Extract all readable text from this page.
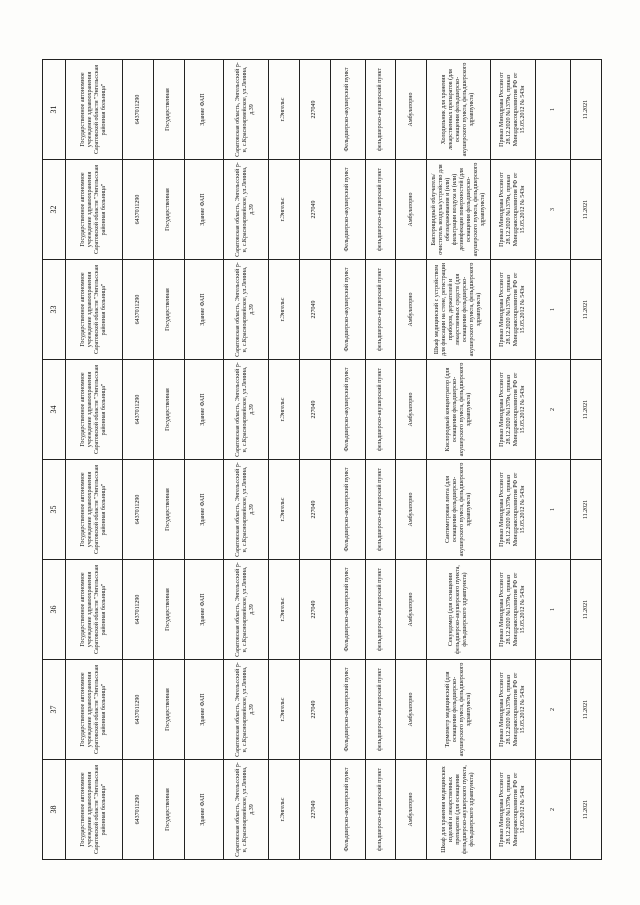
38	37	36	35	34	33	32	31
Государственное автономное учреждение здравоохранения Саратовской области "Энгельсская районная больница"	Государственное автономное учреждение здравоохранения Саратовской области "Энгельсская районная больница"	Государственное автономное учреждение здравоохранения Саратовской области "Энгельсская районная больница"	Государственное автономное учреждение здравоохранения Саратовской области "Энгельсская районная больница"	Государственное автономное учреждение здравоохранения Саратовской области "Энгельсская районная больница"	Государственное автономное учреждение здравоохранения Саратовской области "Энгельсская районная больница"	Государственное автономное учреждение здравоохранения Саратовской области "Энгельсская районная больница"	Государственное автономное учреждение здравоохранения Саратовской области "Энгельсская районная больница"
6437011290	6437011290	6437011290	6437011290	6437011290	6437011290	6437011290	6437011290
Государственная	Государственная	Государственная	Государственная	Государственная	Государственная	Государственная	Государственная
Здание ФАП	Здание ФАП	Здание ФАП	Здание ФАП	Здание ФАП	Здание ФАП	Здание ФАП	Здание ФАП
Саратовская область, Энгельсский р-н, с.Красноармейское, ул.Ленина, д.39	Саратовская область, Энгельсский р-н, с.Красноармейское, ул.Ленина, д.39	Саратовская область, Энгельсский р-н, с.Красноармейское, ул.Ленина, д.39	Саратовская область, Энгельсский р-н, с.Красноармейское, ул.Ленина, д.39	Саратовская область, Энгельсский р-н, с.Красноармейское, ул.Ленина, д.39	Саратовская область, Энгельсский р-н, с.Красноармейское, ул.Ленина, д.39	Саратовская область, Энгельсский р-н, с.Красноармейское, ул.Ленина, д.39	Саратовская область, Энгельсский р-н, с.Красноармейское, ул.Ленина, д.39
г.Энгельс	г.Энгельс	г.Энгельс	г.Энгельс	г.Энгельс	г.Энгельс	г.Энгельс	г.Энгельс
227049	227049	227049	227049	227049	227049	227049	227049
Фельдшерско-акушерский пункт	Фельдшерско-акушерский пункт	Фельдшерско-акушерский пункт	Фельдшерско-акушерский пункт	Фельдшерско-акушерский пункт	Фельдшерско-акушерский пункт	Фельдшерско-акушерский пункт	Фельдшерско-акушерский пункт
фельдшерско-акушерский пункт	фельдшерско-акушерский пункт	фельдшерско-акушерский пункт	фельдшерско-акушерский пункт	фельдшерско-акушерский пункт	фельдшерско-акушерский пункт	фельдшерско-акушерский пункт	фельдшерско-акушерский пункт
Амбулаторно	Амбулаторно	Амбулаторно	Амбулаторно	Амбулаторно	Амбулаторно	Амбулаторно	Амбулаторно
Шкаф для хранения медицинских изделий и лекарственных препаратов (для оснащения фельдшерско-акушерского пункта, фельдшерского здравпункта)	Термометр медицинский (для оснащения фельдшерско-акушерского пункта, фельдшерского здравпункта)	Секундомер (для оснащения фельдшерско-акушерского пункта, фельдшерского здравпункта)	Сантиметровая лента (для оснащения фельдшерско-акушерского пункта, фельдшерского здравпункта)	Кислородный концентратор (для оснащения фельдшерско-акушерского пункта, фельдшерского здравпункта)	Шкаф медицинский с устройством для фиксации на стене, регистрации приборов, держателей и лекарственных средств (для оснащения фельдшерско-акушерского пункта, фельдшерского здравпункта)	Бактерицидный облучатель/очиститель воздуха/устройство для обеззараживания и (или) фильтрации воздуха и (или) дезинфекции поверхностей (для оснащения фельдшерско-акушерского пункта, фельдшерского здравпункта)	Холодильник для хранения лекарственных препаратов (для оснащения фельдшерско-акушерского пункта, фельдшерского здравпункта)
Приказ Минздрава России от 28.12.2020 №1379н, приказ Минздравсоцразвития РФ от 15.05.2012 № 543н	Приказ Минздрава России от 28.12.2020 №1379н, приказ Минздравсоцразвития РФ от 15.05.2012 № 543н	Приказ Минздрава России от 28.12.2020 №1379н, приказ Минздравсоцразвития РФ от 15.05.2012 № 543н	Приказ Минздрава России от 28.12.2020 №1379н, приказ Минздравсоцразвития РФ от 15.05.2012 № 543н	Приказ Минздрава России от 28.12.2020 №1379н, приказ Минздравсоцразвития РФ от 15.05.2012 № 543н	Приказ Минздрава России от 28.12.2020 №1379н, приказ Минздравсоцразвития РФ от 15.05.2012 № 543н	Приказ Минздрава России от 28.12.2020 №1379н, приказ Минздравсоцразвития РФ от 15.05.2012 № 543н	Приказ Минздрава России от 28.12.2020 №1379н, приказ Минздравсоцразвития РФ от 15.05.2012 № 543н
2	2	1	1	2	1	3	1
11.2021	11.2021	11.2021	11.2021	11.2021	11.2021	11.2021	11.2021
